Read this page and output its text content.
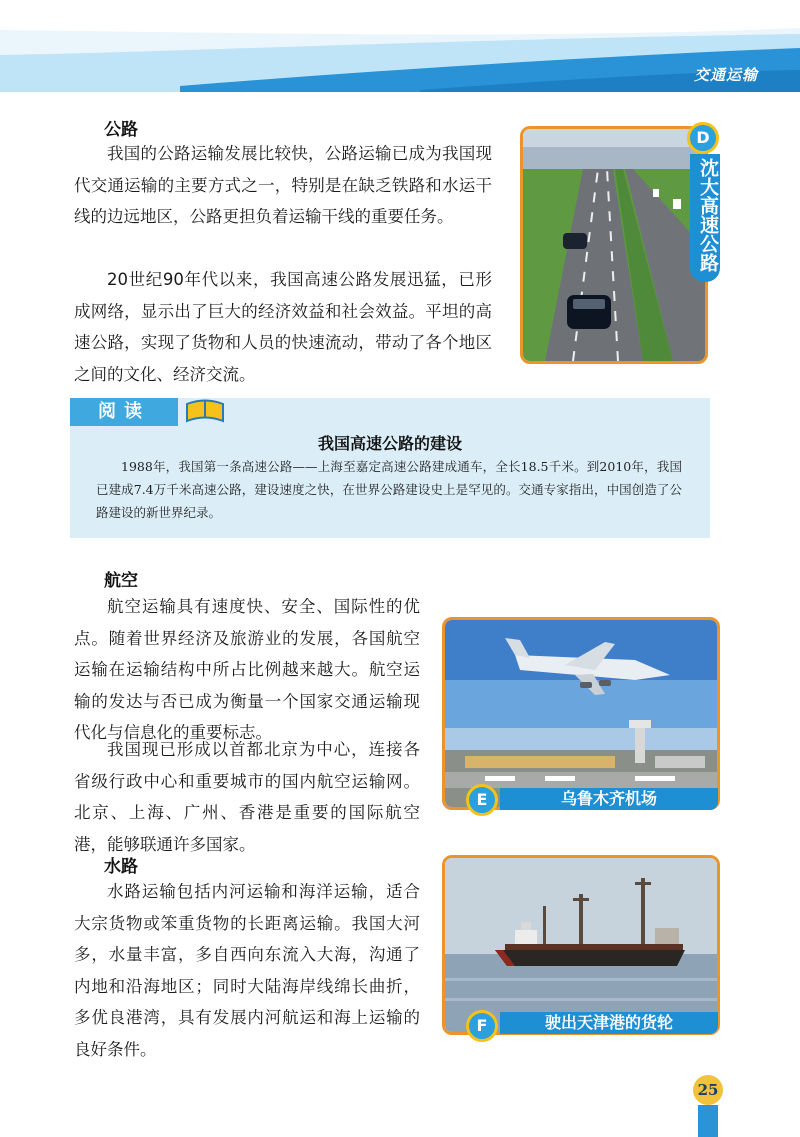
交通运输
公路

我国的公路运输发展比较快，公路运输已成为我国现代交通运输的主要方式之一，特别是在缺乏铁路和水运干线的边远地区，公路更担负着运输干线的重要任务。

20世纪90年代以来，我国高速公路发展迅猛，已形成网络，显示出了巨大的经济效益和社会效益。平坦的高速公路，实现了货物和人员的快速流动，带动了各个地区之间的文化、经济交流。

D
沈大高速公路
阅读
我国高速公路的建设

1988年，我国第一条高速公路——上海至嘉定高速公路建成通车，全长18.5千米。到2010年，我国已建成7.4万千米高速公路，建设速度之快，在世界公路建设史上是罕见的。交通专家指出，中国创造了公路建设的新世界纪录。

航空

航空运输具有速度快、安全、国际性的优点。随着世界经济及旅游业的发展，各国航空运输在运输结构中所占比例越来越大。航空运输的发达与否已成为衡量一个国家交通运输现代化与信息化的重要标志。

我国现已形成以首都北京为中心，连接各省级行政中心和重要城市的国内航空运输网。北京、上海、广州、香港是重要的国际航空港，能够联通许多国家。

E	乌鲁木齐机场
水路

水路运输包括内河运输和海洋运输，适合大宗货物或笨重货物的长距离运输。我国大河多，水量丰富，多自西向东流入大海，沟通了内地和沿海地区；同时大陆海岸线绵长曲折，多优良港湾，具有发展内河航运和海上运输的良好条件。

F	驶出天津港的货轮
25
